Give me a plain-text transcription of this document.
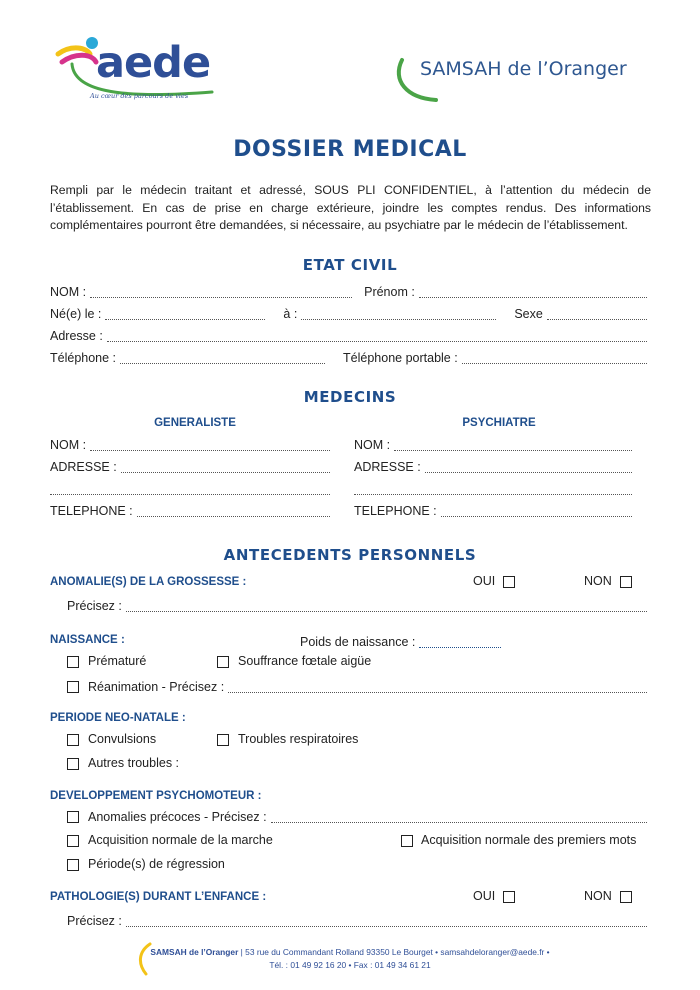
aede
Au cœur des parcours de vies
SAMSAH de l’Oranger
DOSSIER MEDICAL
Rempli par le médecin traitant et adressé, SOUS PLI CONFIDENTIEL, à l’attention du médecin de l’établissement. En cas de prise en charge extérieure, joindre les comptes rendus. Des informations complémentaires pourront être demandées, si nécessaire, au psychiatre par le médecin de l’établissement.
ETAT CIVIL
NOM :	Prénom :
Né(e) le :	à :	Sexe
Adresse :
Téléphone :	Téléphone portable :
MEDECINS
GENERALISTE	PSYCHIATRE
NOM :	NOM :
ADRESSE :	ADRESSE :
TELEPHONE :	TELEPHONE :
ANTECEDENTS PERSONNELS
ANOMALIE(S) DE LA GROSSESSE :	OUI	NON
Précisez :
NAISSANCE :	Poids de naissance :
Prématuré	Souffrance fœtale aigüe
Réanimation - Précisez :
PERIODE NEO-NATALE :
Convulsions	Troubles respiratoires
Autres troubles :
DEVELOPPEMENT PSYCHOMOTEUR :
Anomalies précoces - Précisez :
Acquisition normale de la marche	Acquisition normale des premiers mots
Période(s) de régression
PATHOLOGIE(S) DURANT L’ENFANCE :	OUI	NON
Précisez :
SAMSAH de l’Oranger | 53 rue du Commandant Rolland 93350 Le Bourget • samsahdeloranger@aede.fr •
Tél. : 01 49 92 16 20 • Fax : 01 49 34 61 21
